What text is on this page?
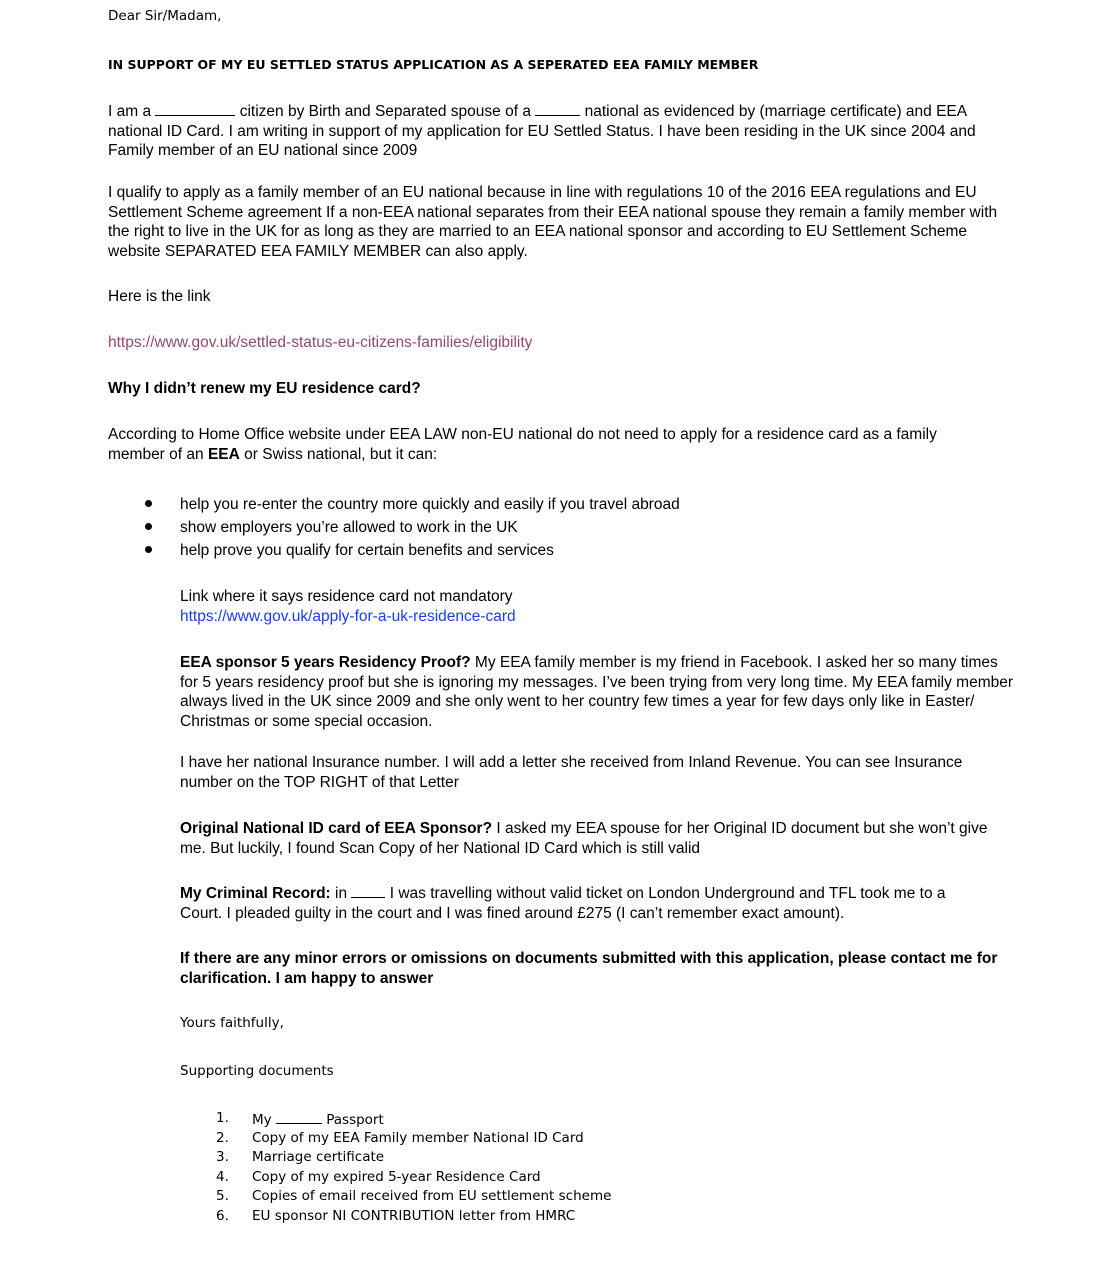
Dear Sir/Madam,

IN SUPPORT OF MY EU SETTLED STATUS APPLICATION AS A SEPERATED EEA FAMILY MEMBER

I am a	citizen by Birth and Separated spouse of a	national as evidenced by (marriage certificate) and EEA national ID Card. I am writing in support of my application for EU Settled Status. I have been residing in the UK since 2004 and Family member of an EU national since 2009

I qualify to apply as a family member of an EU national because in line with regulations 10 of the 2016 EEA regulations and EU Settlement Scheme agreement If a non-EEA national separates from their EEA national spouse they remain a family member with the right to live in the UK for as long as they are married to an EEA national sponsor and according to EU Settlement Scheme website SEPARATED EEA FAMILY MEMBER can also apply.

Here is the link

https://www.gov.uk/settled-status-eu-citizens-families/eligibility

Why I didn’t renew my EU residence card?

According to Home Office website under EEA LAW non-EU national do not need to apply for a residence card as a family member of an EEA or Swiss national, but it can:

help you re-enter the country more quickly and easily if you travel abroad
show employers you’re allowed to work in the UK
help prove you qualify for certain benefits and services

Link where it says residence card not mandatory

https://www.gov.uk/apply-for-a-uk-residence-card

EEA sponsor 5 years Residency Proof? My EEA family member is my friend in Facebook. I asked her so many times for 5 years residency proof but she is ignoring my messages. I’ve been trying from very long time. My EEA family member always lived in the UK since 2009 and she only went to her country few times a year for few days only like in Easter/ Christmas or some special occasion.

I have her national Insurance number. I will add a letter she received from Inland Revenue. You can see Insurance number on the TOP RIGHT of that Letter

Original National ID card of EEA Sponsor? I asked my EEA spouse for her Original ID document but she won’t give me. But luckily, I found Scan Copy of her National ID Card which is still valid

My Criminal Record: in	I was travelling without valid ticket on London Underground and TFL took me to a Court. I pleaded guilty in the court and I was fined around £275 (I can’t remember exact amount).

If there are any minor errors or omissions on documents submitted with this application, please contact me for clarification. I am happy to answer

Yours faithfully,

Supporting documents

1.	My	Passport
2.	Copy of my EEA Family member National ID Card
3.	Marriage certificate
4.	Copy of my expired 5-year Residence Card
5.	Copies of email received from EU settlement scheme
6.	EU sponsor NI CONTRIBUTION letter from HMRC
